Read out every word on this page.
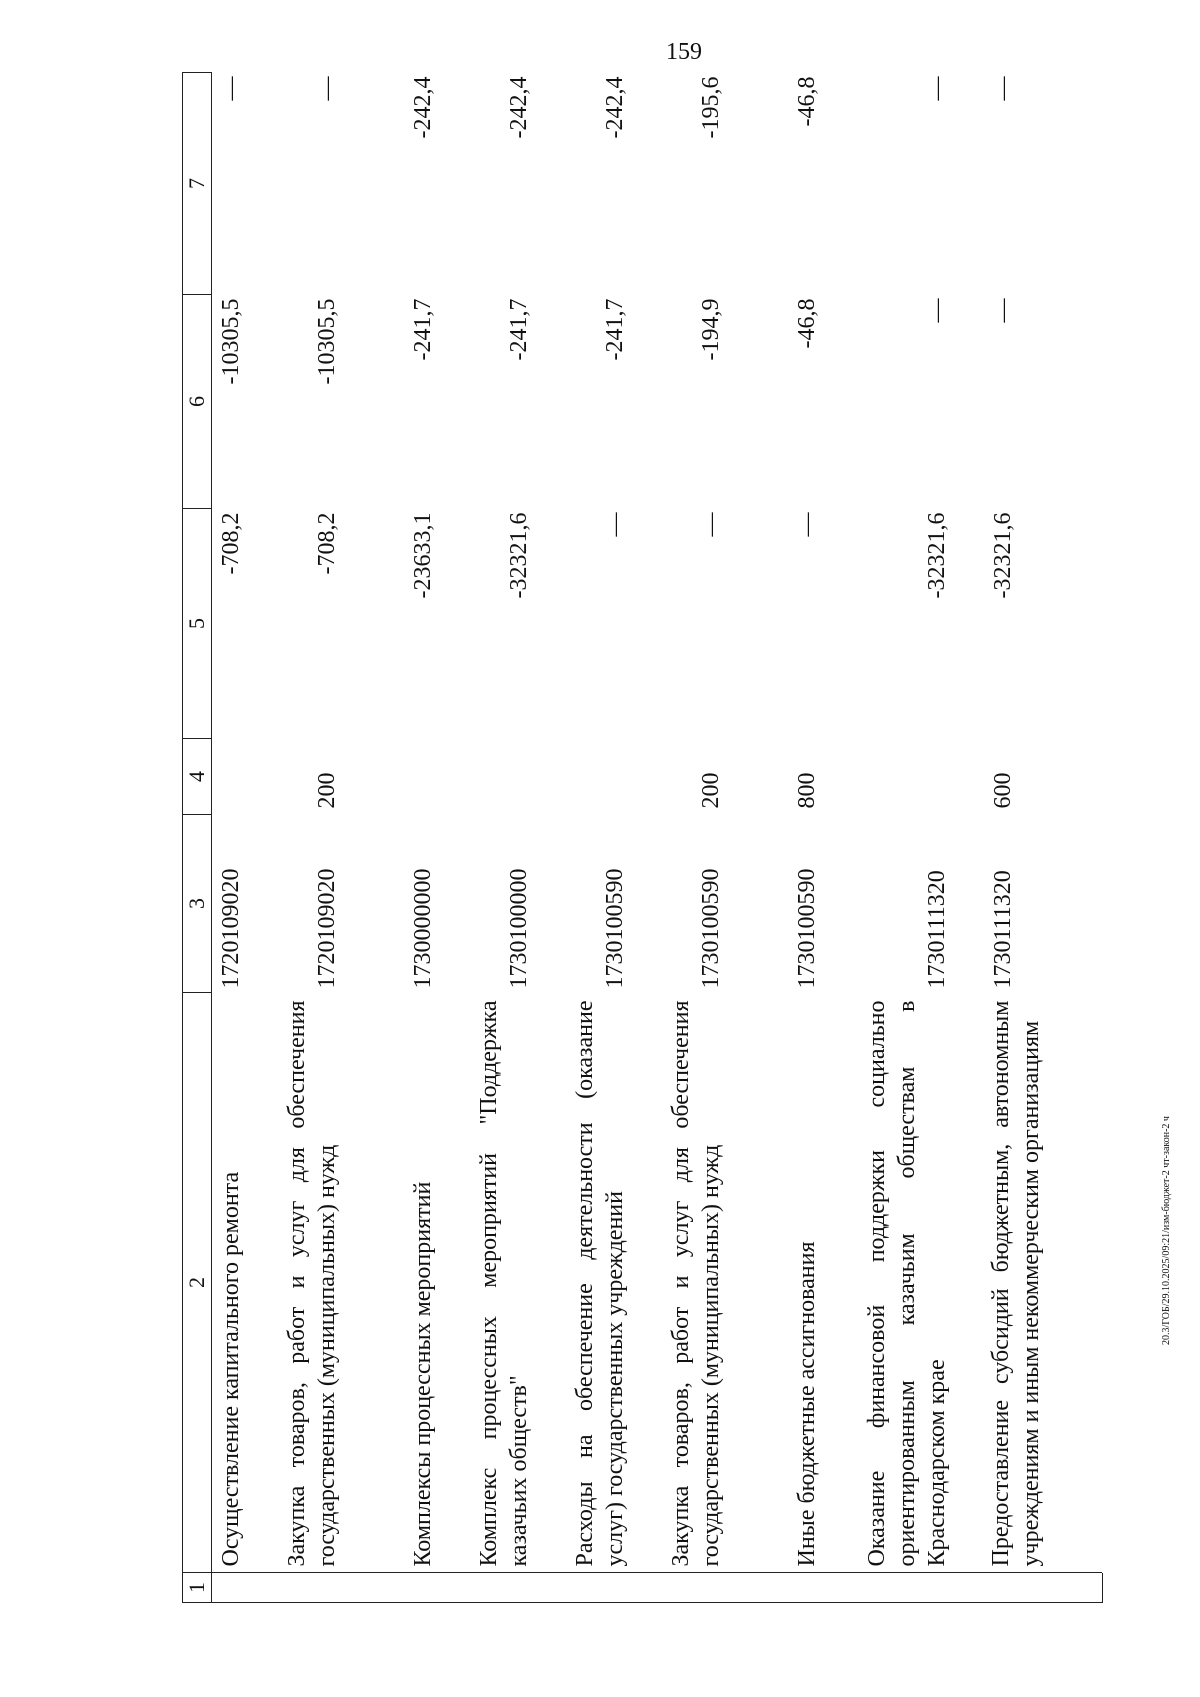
159
20.3/ГОБ/29.10.2025/09:21/изм-бюджет-2 чт-закон-2 ч
1	2	3	4	5	6	7
	Осуществление капитального ремонта	1720109020		-708,2	-10305,5	—
	Закупка товаров, работ и услуг для обеспечения государственных (муниципальных) нужд	1720109020	200	-708,2	-10305,5	—
	Комплексы процессных мероприятий	1730000000		-23633,1	-241,7	-242,4
	Комплекс процессных мероприятий "Поддержка казачьих обществ"	1730100000		-32321,6	-241,7	-242,4
	Расходы на обеспечение деятельности (оказание услуг) государственных учреждений	1730100590		—	-241,7	-242,4
	Закупка товаров, работ и услуг для обеспечения государственных (муниципальных) нужд	1730100590	200	—	-194,9	-195,6
	Иные бюджетные ассигнования	1730100590	800	—	-46,8	-46,8
	Оказание финансовой поддержки социально ориентированным казачьим обществам в Краснодарском крае	1730111320		-32321,6	—	—
	Предоставление субсидий бюджетным, автономным учреждениям и иным некоммерческим организациям	1730111320	600	-32321,6	—	—
